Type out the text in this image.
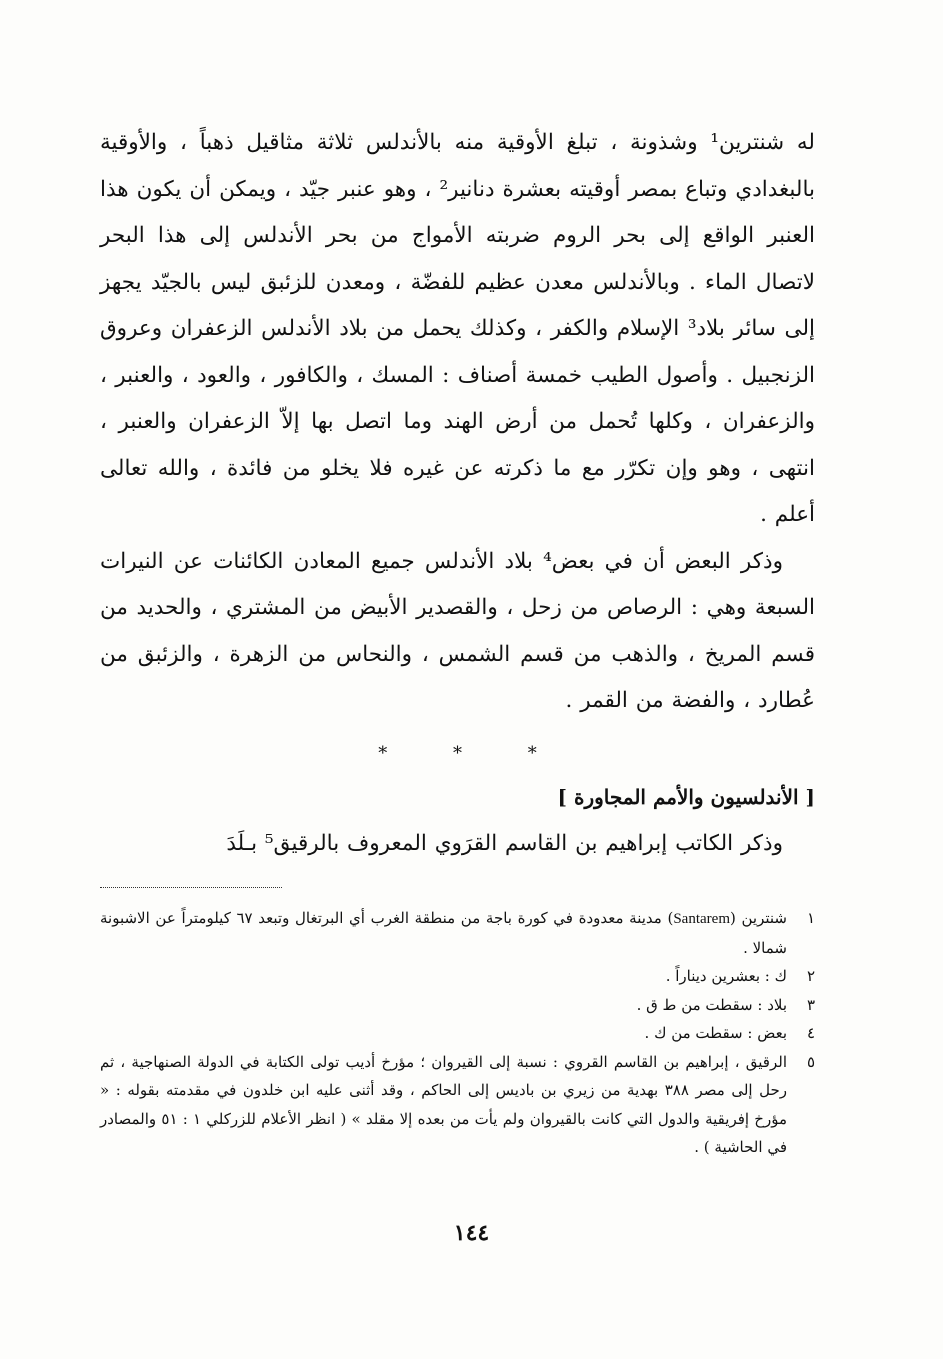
له شنترين¹ وشذونة ، تبلغ الأوقية منه بالأندلس ثلاثة مثاقيل ذهباً ، والأوقية بالبغدادي وتباع بمصر أوقيته بعشرة دنانير² ، وهو عنبر جيّد ، ويمكن أن يكون هذا العنبر الواقع إلى بحر الروم ضربته الأمواج من بحر الأندلس إلى هذا البحر لاتصال الماء . وبالأندلس معدن عظيم للفضّة ، ومعدن للزئبق ليس بالجيّد يجهز إلى سائر بلاد³ الإسلام والكفر ، وكذلك يحمل من بلاد الأندلس الزعفران وعروق الزنجبيل . وأصول الطيب خمسة أصناف : المسك ، والكافور ، والعود ، والعنبر ، والزعفران ، وكلها تُحمل من أرض الهند وما اتصل بها إلاّ الزعفران والعنبر ، انتهى ، وهو وإن تكرّر مع ما ذكرته عن غيره فلا يخلو من فائدة ، والله تعالى أعلم .

وذكر البعض أن في بعض⁴ بلاد الأندلس جميع المعادن الكائنات عن النيرات السبعة وهي : الرصاص من زحل ، والقصدير الأبيض من المشتري ، والحديد من قسم المريخ ، والذهب من قسم الشمس ، والنحاس من الزهرة ، والزئبق من عُطارد ، والفضة من القمر .

* * *
[ الأندلسيون والأمم المجاورة ]

وذكر الكاتب إبراهيم بن القاسم القرَوي المعروف بالرقيق⁵ بـلَدَ

١
شنترين (Santarem) مدينة معدودة في كورة باجة من منطقة الغرب أي البرتغال وتبعد ٦٧ كيلومتراً عن الاشبونة شمالا .
٢
ك : بعشرين ديناراً .
٣
بلاد : سقطت من ط ق .
٤
بعض : سقطت من ك .
٥
الرقيق ، إبراهيم بن القاسم القروي : نسبة إلى القيروان ؛ مؤرخ أديب تولى الكتابة في الدولة الصنهاجية ، ثم رحل إلى مصر ٣٨٨ بهدية من زيري بن باديس إلى الحاكم ، وقد أثنى عليه ابن خلدون في مقدمته بقوله : « مؤرخ إفريقية والدول التي كانت بالقيروان ولم يأت من بعده إلا مقلد » ( انظر الأعلام للزركلي ١ : ٥١ والمصادر في الحاشية ) .
١٤٤
